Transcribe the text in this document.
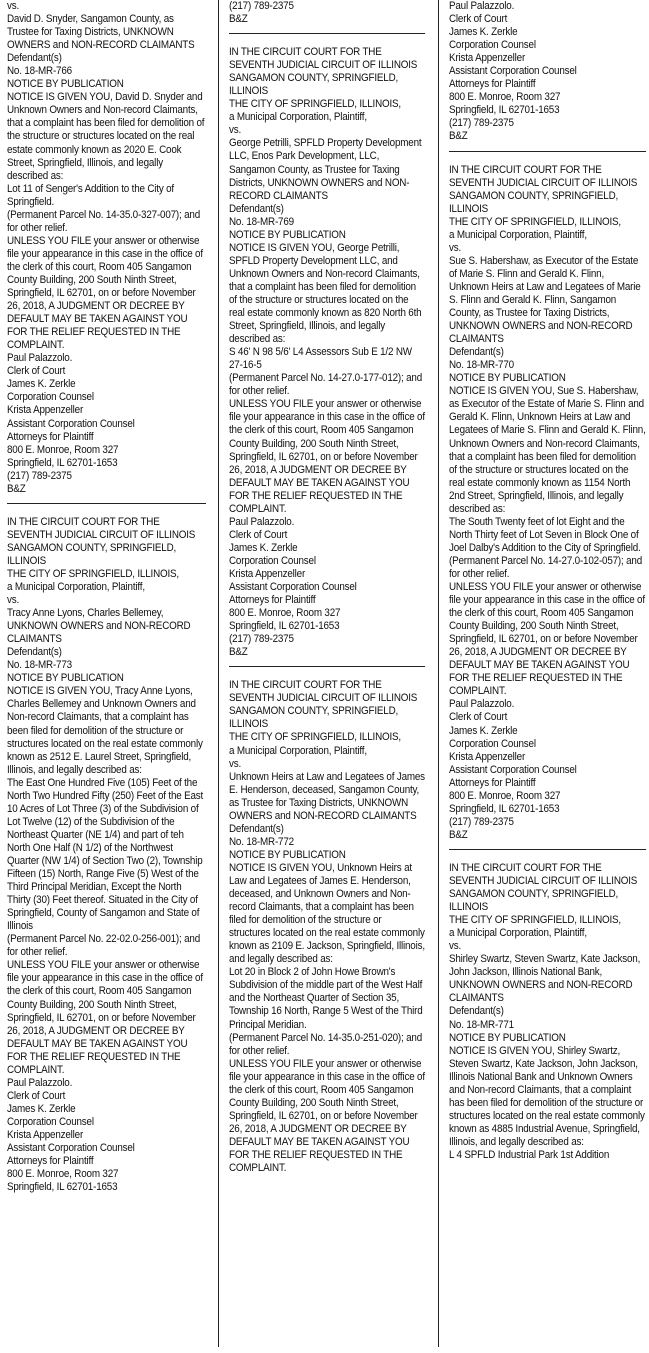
vs.

David D. Snyder, Sangamon County, as Trustee for Taxing Districts, UNKNOWN OWNERS and NON-RECORD CLAIMANTS

Defendant(s)

No. 18-MR-766

NOTICE BY PUBLICATION

NOTICE IS GIVEN YOU, David D. Snyder and Unknown Owners and Non-record Claimants, that a complaint has been filed for demolition of the structure or structures located on the real estate commonly known as 2020 E. Cook Street, Springfield, Illinois, and legally described as:

Lot 11 of Senger's Addition to the City of Springfield.

(Permanent Parcel No. 14-35.0-327-007); and for other relief.

UNLESS YOU FILE your answer or otherwise file your appearance in this case in the office of the clerk of this court, Room 405 Sangamon County Building, 200 South Ninth Street, Springfield, IL 62701, on or before November 26, 2018, A JUDGMENT OR DECREE BY DEFAULT MAY BE TAKEN AGAINST YOU FOR THE RELIEF REQUESTED IN THE COMPLAINT.

Paul Palazzolo.

Clerk of Court

James K. Zerkle

Corporation Counsel

Krista Appenzeller

Assistant Corporation Counsel

Attorneys for Plaintiff

800 E. Monroe, Room 327

Springfield, IL 62701-1653

(217) 789-2375

B&Z

IN THE CIRCUIT COURT FOR THE SEVENTH JUDICIAL CIRCUIT OF ILLINOIS

SANGAMON COUNTY, SPRINGFIELD, ILLINOIS

THE CITY OF SPRINGFIELD, ILLINOIS,

a Municipal Corporation, Plaintiff,

vs.

Tracy Anne Lyons, Charles Bellemey, UNKNOWN OWNERS and NON-RECORD CLAIMANTS

Defendant(s)

No. 18-MR-773

NOTICE BY PUBLICATION

NOTICE IS GIVEN YOU, Tracy Anne Lyons, Charles Bellemey and Unknown Owners and Non-record Claimants, that a complaint has been filed for demolition of the structure or structures located on the real estate commonly known as 2512 E. Laurel Street, Springfield, Illinois, and legally described as:

The East One Hundred Five (105) Feet of the North Two Hundred Fifty (250) Feet of the East 10 Acres of Lot Three (3) of the Subdivision of Lot Twelve (12) of the Subdivision of the Northeast Quarter (NE 1/4) and part of teh North One Half (N 1/2) of the Northwest Quarter (NW 1/4) of Section Two (2), Township Fifteen (15) North, Range Five (5) West of the Third Principal Meridian, Except the North Thirty (30) Feet thereof. Situated in the City of Springfield, County of Sangamon and State of Illinois

(Permanent Parcel No. 22-02.0-256-001); and for other relief.

UNLESS YOU FILE your answer or otherwise file your appearance in this case in the office of the clerk of this court, Room 405 Sangamon County Building, 200 South Ninth Street, Springfield, IL 62701, on or before November 26, 2018, A JUDGMENT OR DECREE BY DEFAULT MAY BE TAKEN AGAINST YOU FOR THE RELIEF REQUESTED IN THE COMPLAINT.

Paul Palazzolo.

Clerk of Court

James K. Zerkle

Corporation Counsel

Krista Appenzeller

Assistant Corporation Counsel

Attorneys for Plaintiff

800 E. Monroe, Room 327

Springfield, IL 62701-1653

(217) 789-2375

B&Z

IN THE CIRCUIT COURT FOR THE SEVENTH JUDICIAL CIRCUIT OF ILLINOIS

SANGAMON COUNTY, SPRINGFIELD, ILLINOIS

THE CITY OF SPRINGFIELD, ILLINOIS,

a Municipal Corporation, Plaintiff,

vs.

George Petrilli, SPFLD Property Development LLC, Enos Park Development, LLC, Sangamon County, as Trustee for Taxing Districts, UNKNOWN OWNERS and NON-RECORD CLAIMANTS

Defendant(s)

No. 18-MR-769

NOTICE BY PUBLICATION

NOTICE IS GIVEN YOU, George Petrilli, SPFLD Property Development LLC, and Unknown Owners and Non-record Claimants, that a complaint has been filed for demolition of the structure or structures located on the real estate commonly known as 820 North 6th Street, Springfield, Illinois, and legally described as:

S 46' N 98 5/6' L4 Assessors Sub E 1/2 NW 27-16-5

(Permanent Parcel No. 14-27.0-177-012); and for other relief.

UNLESS YOU FILE your answer or otherwise file your appearance in this case in the office of the clerk of this court, Room 405 Sangamon County Building, 200 South Ninth Street, Springfield, IL 62701, on or before November 26, 2018, A JUDGMENT OR DECREE BY DEFAULT MAY BE TAKEN AGAINST YOU FOR THE RELIEF REQUESTED IN THE COMPLAINT.

Paul Palazzolo.

Clerk of Court

James K. Zerkle

Corporation Counsel

Krista Appenzeller

Assistant Corporation Counsel

Attorneys for Plaintiff

800 E. Monroe, Room 327

Springfield, IL 62701-1653

(217) 789-2375

B&Z

IN THE CIRCUIT COURT FOR THE SEVENTH JUDICIAL CIRCUIT OF ILLINOIS

SANGAMON COUNTY, SPRINGFIELD, ILLINOIS

THE CITY OF SPRINGFIELD, ILLINOIS,

a Municipal Corporation, Plaintiff,

vs.

Unknown Heirs at Law and Legatees of James E. Henderson, deceased, Sangamon County, as Trustee for Taxing Districts, UNKNOWN OWNERS and NON-RECORD CLAIMANTS

Defendant(s)

No. 18-MR-772

NOTICE BY PUBLICATION

NOTICE IS GIVEN YOU, Unknown Heirs at Law and Legatees of James E. Henderson, deceased, and Unknown Owners and Non-record Claimants, that a complaint has been filed for demolition of the structure or structures located on the real estate commonly known as 2109 E. Jackson, Springfield, Illinois, and legally described as:

Lot 20 in Block 2 of John Howe Brown's Subdivision of the middle part of the West Half and the Northeast Quarter of Section 35, Township 16 North, Range 5 West of the Third Principal Meridian.

(Permanent Parcel No. 14-35.0-251-020); and for other relief.

UNLESS YOU FILE your answer or otherwise file your appearance in this case in the office of the clerk of this court, Room 405 Sangamon County Building, 200 South Ninth Street, Springfield, IL 62701, on or before November 26, 2018, A JUDGMENT OR DECREE BY DEFAULT MAY BE TAKEN AGAINST YOU FOR THE RELIEF REQUESTED IN THE COMPLAINT.

Paul Palazzolo.

Clerk of Court

James K. Zerkle

Corporation Counsel

Krista Appenzeller

Assistant Corporation Counsel

Attorneys for Plaintiff

800 E. Monroe, Room 327

Springfield, IL 62701-1653

(217) 789-2375

B&Z

IN THE CIRCUIT COURT FOR THE SEVENTH JUDICIAL CIRCUIT OF ILLINOIS

SANGAMON COUNTY, SPRINGFIELD, ILLINOIS

THE CITY OF SPRINGFIELD, ILLINOIS,

a Municipal Corporation, Plaintiff,

vs.

Sue S. Habershaw, as Executor of the Estate of Marie S. Flinn and Gerald K. Flinn, Unknown Heirs at Law and Legatees of Marie S. Flinn and Gerald K. Flinn, Sangamon County, as Trustee for Taxing Districts, UNKNOWN OWNERS and NON-RECORD CLAIMANTS

Defendant(s)

No. 18-MR-770

NOTICE BY PUBLICATION

NOTICE IS GIVEN YOU, Sue S. Habershaw, as Executor of the Estate of Marie S. Flinn and Gerald K. Flinn, Unknown Heirs at Law and Legatees of Marie S. Flinn and Gerald K. Flinn, Unknown Owners and Non-record Claimants, that a complaint has been filed for demolition of the structure or structures located on the real estate commonly known as 1154 North 2nd Street, Springfield, Illinois, and legally described as:

The South Twenty feet of lot Eight and the North Thirty feet of Lot Seven in Block One of Joel Dalby's Addition to the City of Springfield.

(Permanent Parcel No. 14-27.0-102-057); and for other relief.

UNLESS YOU FILE your answer or otherwise file your appearance in this case in the office of the clerk of this court, Room 405 Sangamon County Building, 200 South Ninth Street, Springfield, IL 62701, on or before November 26, 2018, A JUDGMENT OR DECREE BY DEFAULT MAY BE TAKEN AGAINST YOU FOR THE RELIEF REQUESTED IN THE COMPLAINT.

Paul Palazzolo.

Clerk of Court

James K. Zerkle

Corporation Counsel

Krista Appenzeller

Assistant Corporation Counsel

Attorneys for Plaintiff

800 E. Monroe, Room 327

Springfield, IL 62701-1653

(217) 789-2375

B&Z

IN THE CIRCUIT COURT FOR THE SEVENTH JUDICIAL CIRCUIT OF ILLINOIS

SANGAMON COUNTY, SPRINGFIELD, ILLINOIS

THE CITY OF SPRINGFIELD, ILLINOIS,

a Municipal Corporation, Plaintiff,

vs.

Shirley Swartz, Steven Swartz, Kate Jackson, John Jackson, Illinois National Bank, UNKNOWN OWNERS and NON-RECORD CLAIMANTS

Defendant(s)

No. 18-MR-771

NOTICE BY PUBLICATION

NOTICE IS GIVEN YOU, Shirley Swartz, Steven Swartz, Kate Jackson, John Jackson, Illinois National Bank and Unknown Owners and Non-record Claimants, that a complaint has been filed for demolition of the structure or structures located on the real estate commonly known as 4885 Industrial Avenue, Springfield, Illinois, and legally described as:

L 4 SPFLD Industrial Park 1st Addition
